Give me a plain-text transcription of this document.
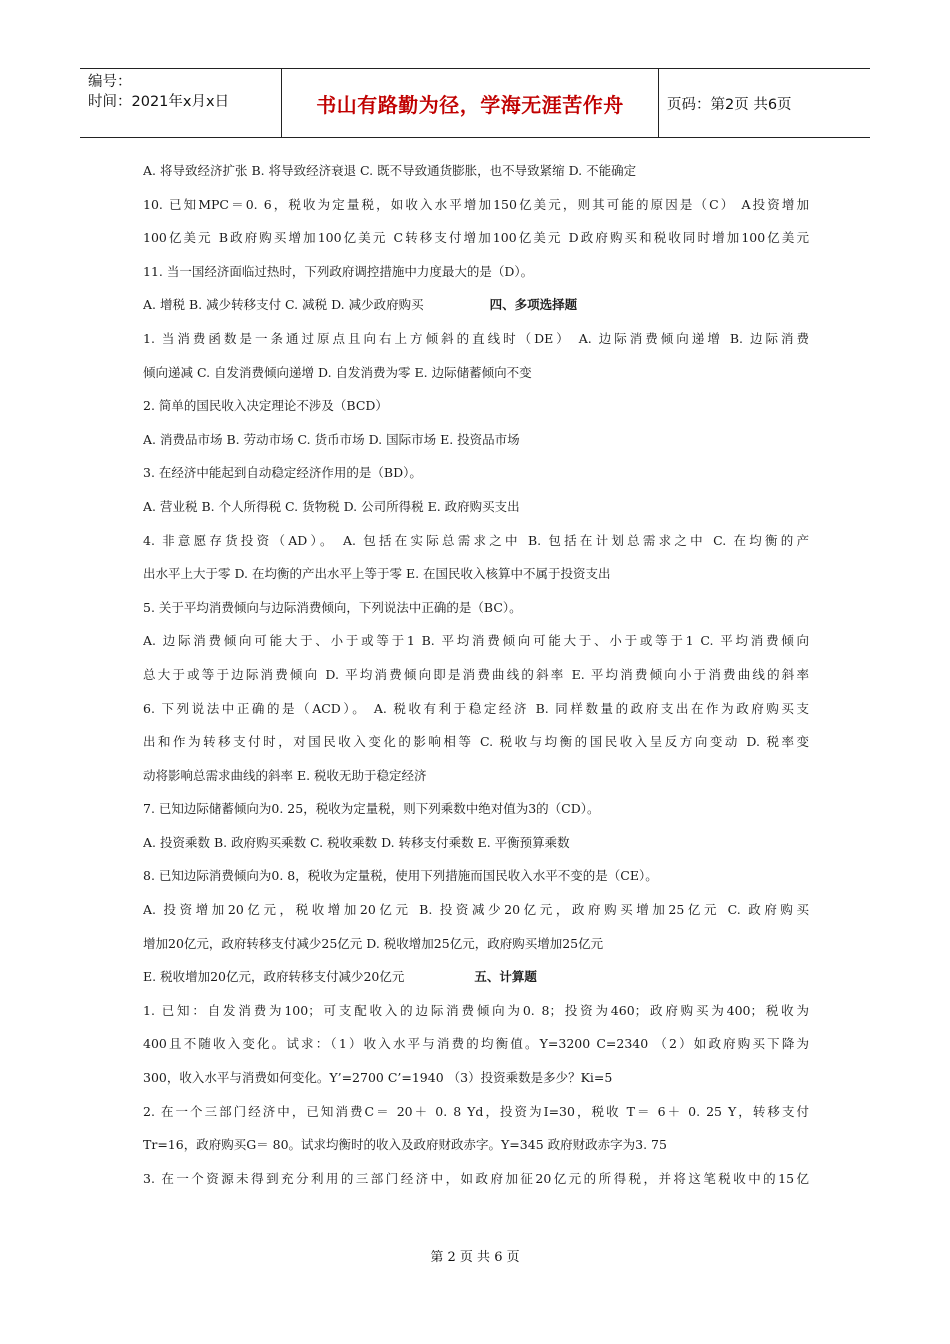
编号：
时间：2021年x月x日	书山有路勤为径，学海无涯苦作舟	页码：第2页 共6页
A. 将导致经济扩张 B. 将导致经济衰退 C. 既不导致通货膨胀，也不导致紧缩 D. 不能确定
10. 已知MPC＝0. 6，税收为定量税，如收入水平增加150亿美元，则其可能的原因是（C） A投资增加
100亿美元 B政府购买增加100亿美元 C转移支付增加100亿美元 D政府购买和税收同时增加100亿美元
11. 当一国经济面临过热时，下列政府调控措施中力度最大的是（D）。
A. 增税 B. 减少转移支付 C. 减税 D. 减少政府购买	四、多项选择题
1. 当消费函数是一条通过原点且向右上方倾斜的直线时（DE） A. 边际消费倾向递增 B. 边际消费
倾向递减 C. 自发消费倾向递增 D. 自发消费为零 E. 边际储蓄倾向不变
2. 简单的国民收入决定理论不涉及（BCD）
A. 消费品市场 B. 劳动市场 C. 货币市场 D. 国际市场 E. 投资品市场
3. 在经济中能起到自动稳定经济作用的是（BD）。
A. 营业税 B. 个人所得税 C. 货物税 D. 公司所得税 E. 政府购买支出
4. 非意愿存货投资（AD）。 A. 包括在实际总需求之中 B. 包括在计划总需求之中 C. 在均衡的产
出水平上大于零 D. 在均衡的产出水平上等于零 E. 在国民收入核算中不属于投资支出
5. 关于平均消费倾向与边际消费倾向，下列说法中正确的是（BC）。
A. 边际消费倾向可能大于、小于或等于1 B. 平均消费倾向可能大于、小于或等于1 C. 平均消费倾向
总大于或等于边际消费倾向 D. 平均消费倾向即是消费曲线的斜率 E. 平均消费倾向小于消费曲线的斜率
6. 下列说法中正确的是（ACD）。 A. 税收有利于稳定经济 B. 同样数量的政府支出在作为政府购买支
出和作为转移支付时，对国民收入变化的影响相等 C. 税收与均衡的国民收入呈反方向变动 D. 税率变
动将影响总需求曲线的斜率 E. 税收无助于稳定经济
7. 已知边际储蓄倾向为0. 25，税收为定量税，则下列乘数中绝对值为3的（CD）。
A. 投资乘数 B. 政府购买乘数 C. 税收乘数 D. 转移支付乘数 E. 平衡预算乘数
8. 已知边际消费倾向为0. 8，税收为定量税，使用下列措施而国民收入水平不变的是（CE）。
A. 投资增加20亿元，税收增加20亿元 B. 投资减少20亿元，政府购买增加25亿元 C. 政府购买
增加20亿元，政府转移支付减少25亿元 D. 税收增加25亿元，政府购买增加25亿元
E. 税收增加20亿元，政府转移支付减少20亿元	五、计算题
1. 已知：自发消费为100；可支配收入的边际消费倾向为0. 8；投资为460；政府购买为400；税收为
400且不随收入变化。试求：（1）收入水平与消费的均衡值。Y=3200 C=2340 （2）如政府购买下降为
300，收入水平与消费如何变化。Y’=2700 C’=1940 （3）投资乘数是多少？Ki=5
2. 在一个三部门经济中，已知消费C＝ 20＋ 0. 8 Yd，投资为I=30，税收 T＝ 6＋ 0. 25 Y，转移支付
Tr=16，政府购买G＝ 80。试求均衡时的收入及政府财政赤字。Y=345 政府财政赤字为3. 75
3. 在一个资源未得到充分利用的三部门经济中，如政府加征20亿元的所得税，并将这笔税收中的15亿
第 2 页 共 6 页
